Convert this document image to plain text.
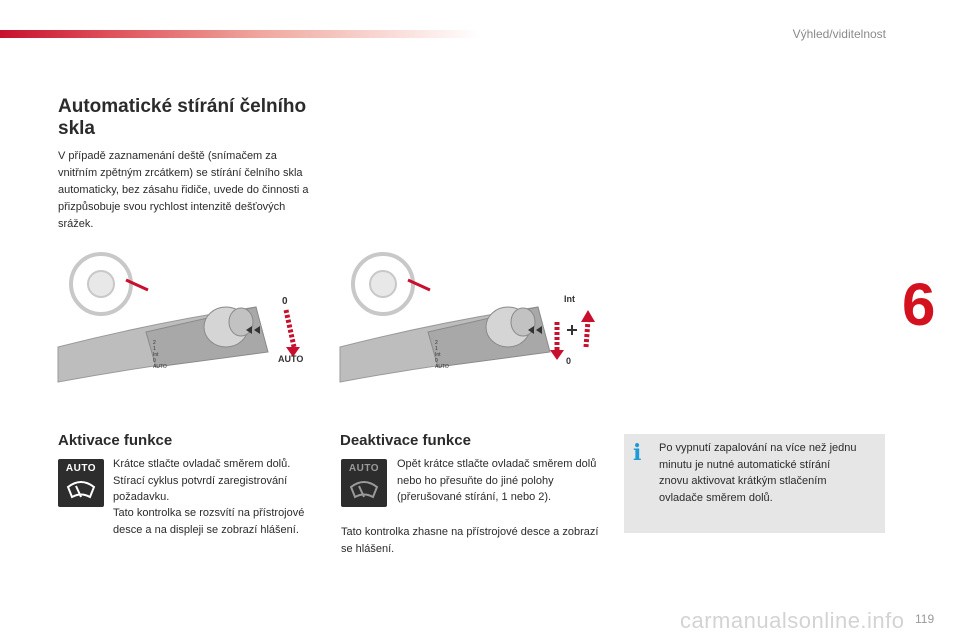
Výhled/viditelnost
6
Automatické stírání čelního skla
V případě zaznamenání deště (snímačem za vnitřním zpětným zrcátkem) se stírání čelního skla automaticky, bez zásahu řidiče, uvede do činnosti a přizpůsobuje svou rychlost intenzitě dešťových srážek.
2
1
Int
0
AUTO
0
AUTO
2
1
Int
0
AUTO
Int
0
Aktivace funkce
AUTO	Krátce stlačte ovladač směrem dolů. Stírací cyklus potvrdí zaregistrování požadavku.
Tato kontrolka se rozsvítí na přístrojové desce a na displeji se zobrazí hlášení.
Deaktivace funkce
AUTO	Opět krátce stlačte ovladač směrem dolů nebo ho přesuňte do jiné polohy (přerušované stírání, 1 nebo 2).
Tato kontrolka zhasne na přístrojové desce a zobrazí se hlášení.
i Po vypnutí zapalování na více než jednu minutu je nutné automatické stírání znovu aktivovat krátkým stlačením ovladače směrem dolů.
119
carmanualsonline.info
